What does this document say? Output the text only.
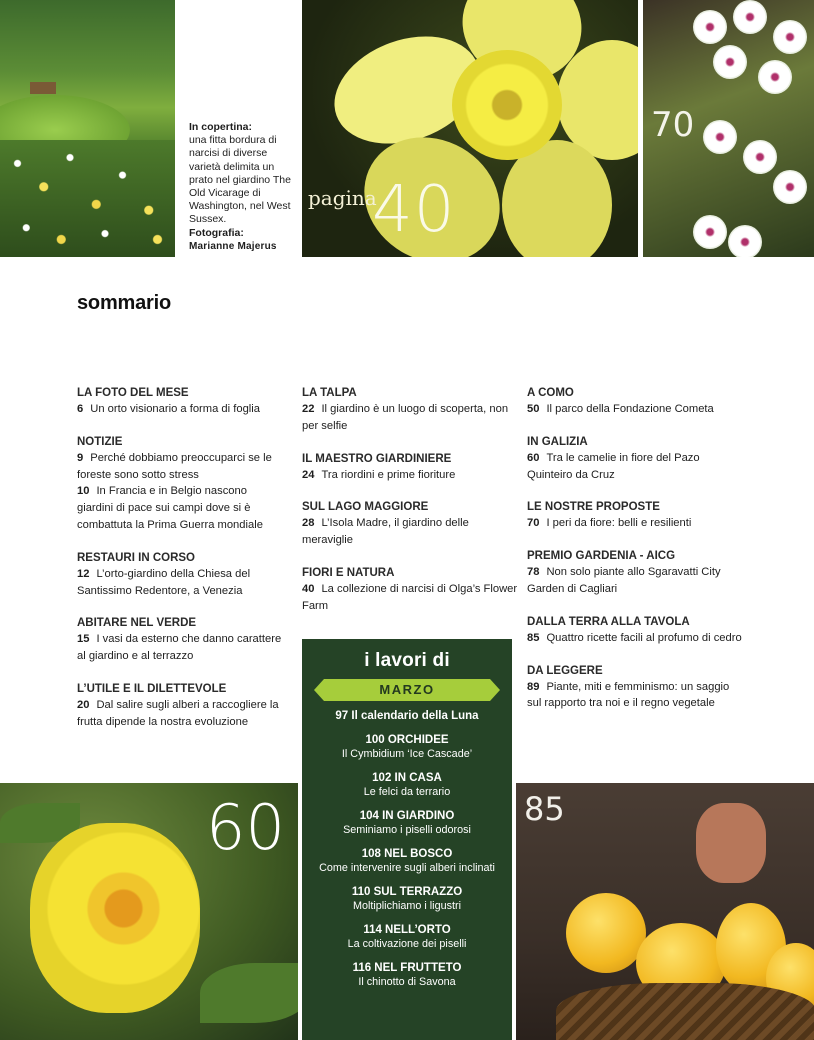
pagina
40
70
60	85
In copertina:
una fitta bordura di narcisi di diverse varietà delimita un prato nel giardino The Old Vicarage di Washington, nel West Sussex.
Fotografia:
Marianne Majerus
sommario
LA FOTO DEL MESE
6 Un orto visionario a forma di foglia
NOTIZIE
9 Perché dobbiamo preoccuparci se le foreste sono sotto stress
10 In Francia e in Belgio nascono giardini di pace sui campi dove si è combattuta la Prima Guerra mondiale
RESTAURI IN CORSO
12 L’orto-giardino della Chiesa del Santissimo Redentore, a Venezia
ABITARE NEL VERDE
15 I vasi da esterno che danno carattere al giardino e al terrazzo
L’UTILE E IL DILETTEVOLE
20 Dal salire sugli alberi a raccogliere la frutta dipende la nostra evoluzione
LA TALPA
22 Il giardino è un luogo di scoperta, non per selfie
IL MAESTRO GIARDINIERE
24 Tra riordini e prime fioriture
SUL LAGO MAGGIORE
28 L’Isola Madre, il giardino delle meraviglie
FIORI E NATURA
40 La collezione di narcisi di Olga’s Flower Farm
A COMO
50 Il parco della Fondazione Cometa
IN GALIZIA
60 Tra le camelie in fiore del Pazo Quinteiro da Cruz
LE NOSTRE PROPOSTE
70 I peri da fiore: belli e resilienti
PREMIO GARDENIA - AICG
78 Non solo piante allo Sgaravatti City Garden di Cagliari
DALLA TERRA ALLA TAVOLA
85 Quattro ricette facili al profumo di cedro
DA LEGGERE
89 Piante, miti e femminismo: un saggio sul rapporto tra noi e il regno vegetale
i lavori di
MARZO
97 Il calendario della Luna
100 ORCHIDEE
Il Cymbidium ‘Ice Cascade’
102 IN CASA
Le felci da terrario
104 IN GIARDINO
Seminiamo i piselli odorosi
108 NEL BOSCO
Come intervenire sugli alberi inclinati
110 SUL TERRAZZO
Moltiplichiamo i ligustri
114 NELL’ORTO
La coltivazione dei piselli
116 NEL FRUTTETO
Il chinotto di Savona
